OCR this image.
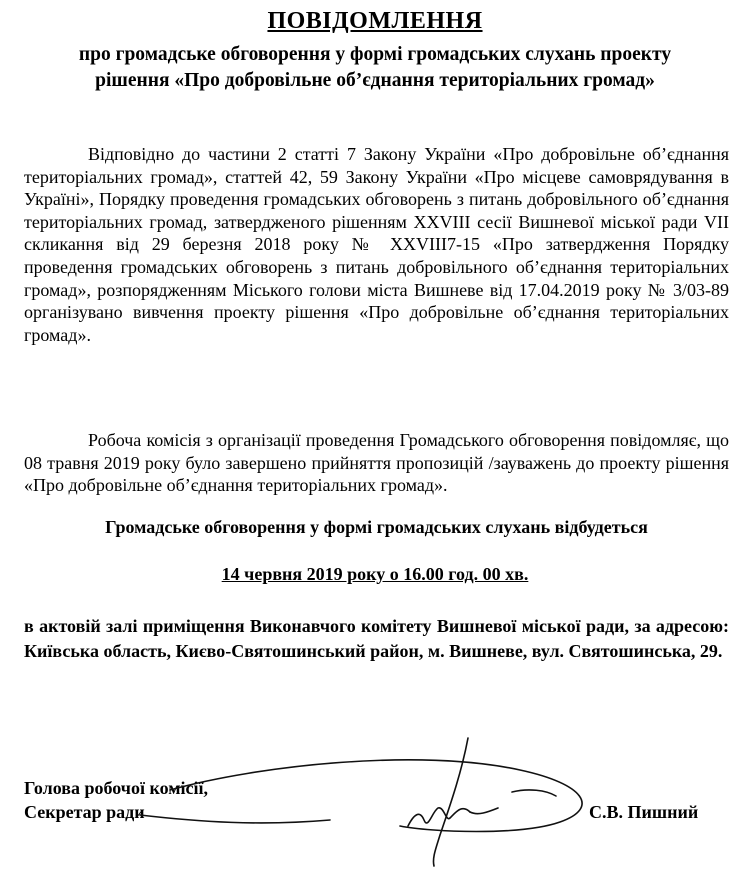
ПОВІДОМЛЕННЯ
про громадське обговорення у формі громадських слухань проекту рішення «Про добровільне об’єднання територіальних громад»
Відповідно до частини 2 статті 7 Закону України «Про добровільне об’єднання територіальних громад», статтей 42, 59 Закону України «Про місцеве самоврядування в Україні», Порядку проведення громадських обговорень з питань добровільного об’єднання територіальних громад, затвердженого рішенням XXVIII сесії Вишневої міської ради VII скликання від 29 березня 2018 року № XXVIII7-15 «Про затвердження Порядку проведення громадських обговорень з питань добровільного об’єднання територіальних громад», розпорядженням Міського голови міста Вишневе від 17.04.2019 року № 3/03-89 організувано вивчення проекту рішення «Про добровільне об’єднання територіальних громад».
Робоча комісія з організації проведення Громадського обговорення повідомляє, що 08 травня 2019 року було завершено прийняття пропозицій /зауважень до проекту рішення «Про добровільне об’єднання територіальних громад».
Громадське обговорення у формі громадських слухань відбудеться
14 червня 2019 року о 16.00 год. 00 хв.
в актовій залі приміщення Виконавчого комітету Вишневої міської ради, за адресою: Київська область, Києво-Святошинський район, м. Вишневе, вул. Святошинська, 29.
Голова робочої комісії,
Секретар ради	С.В. Пишний
